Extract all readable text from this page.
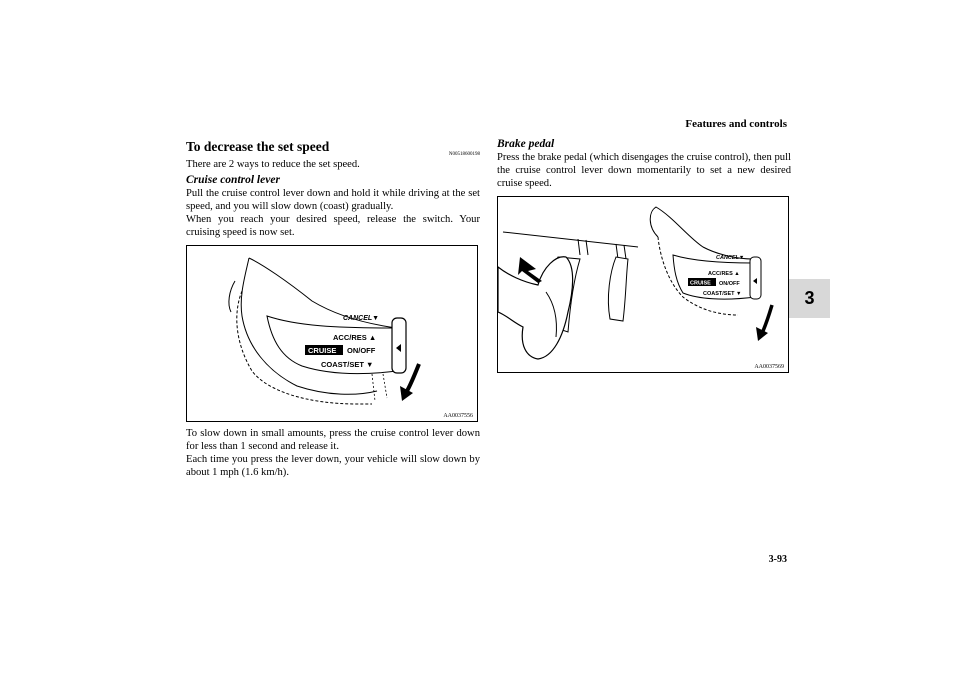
Features and controls
3
To decrease the set speed
N00518600198

There are 2 ways to reduce the set speed.

Cruise control lever

Pull the cruise control lever down and hold it while driving at the set speed, and you will slow down (coast) gradually.

When you reach your desired speed, release the switch. Your cruising speed is now set.

CANCEL▼
ACC/RES ▲
CRUISE ON/OFF
COAST/SET ▼
AA0037556

To slow down in small amounts, press the cruise control lever down for less than 1 second and release it.

Each time you press the lever down, your vehicle will slow down by about 1 mph (1.6 km/h).

Brake pedal

Press the brake pedal (which disengages the cruise control), then pull the cruise control lever down momentarily to set a new desired cruise speed.

CANCEL▼
ACC/RES ▲
CRUISE ON/OFF
COAST/SET ▼
AA0037569
3-93
